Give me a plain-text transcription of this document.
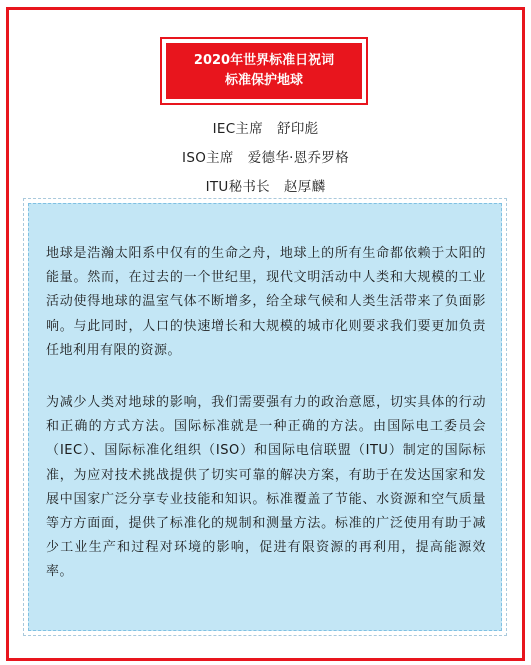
2020年世界标准日祝词
标准保护地球
IEC主席 舒印彪
ISO主席 爱德华·恩乔罗格
ITU秘书长 赵厚麟

地球是浩瀚太阳系中仅有的生命之舟，地球上的所有生命都依赖于太阳的能量。然而，在过去的一个世纪里，现代文明活动中人类和大规模的工业活动使得地球的温室气体不断增多，给全球气候和人类生活带来了负面影响。与此同时，人口的快速增长和大规模的城市化则要求我们要更加负责任地利用有限的资源。

为减少人类对地球的影响，我们需要强有力的政治意愿，切实具体的行动和正确的方式方法。国际标准就是一种正确的方法。由国际电工委员会（IEC）、国际标准化组织（ISO）和国际电信联盟（ITU）制定的国际标准，为应对技术挑战提供了切实可靠的解决方案，有助于在发达国家和发展中国家广泛分享专业技能和知识。标准覆盖了节能、水资源和空气质量等方方面面，提供了标准化的规制和测量方法。标准的广泛使用有助于减少工业生产和过程对环境的影响，促进有限资源的再利用，提高能源效率。
